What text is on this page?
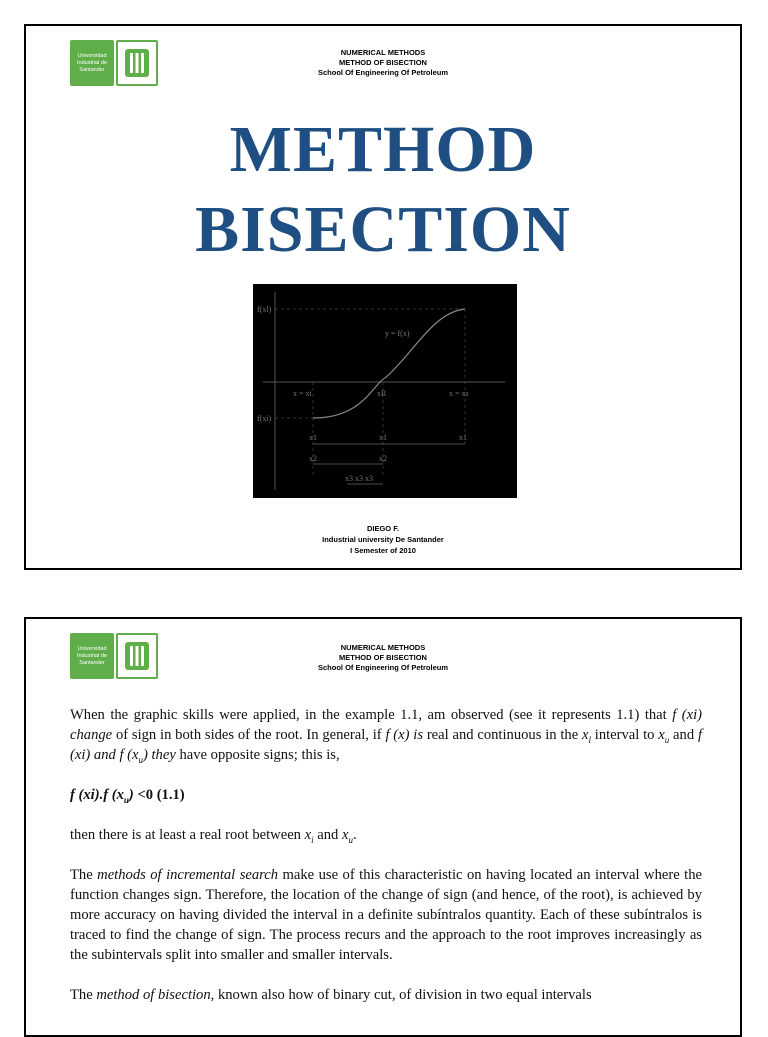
Universidad
Industrial de
Santander
NUMERICAL METHODS
METHOD OF BISECTION
School Of Engineering Of Petroleum
METHOD
BISECTION
f(xl)
f(xi)
y = f(x)
x = xi	x = xs
xR
x1	x1	x1
x2	x2
x3 x3 x3
DIEGO F.
Industrial university De Santander
I Semester of 2010
Universidad
Industrial de
Santander
NUMERICAL METHODS
METHOD OF BISECTION
School Of Engineering Of Petroleum

When the graphic skills were applied, in the example 1.1, am observed (see it represents 1.1) that f (xi) change of sign in both sides of the root. In general, if f (x) is real and continuous in the $x_l$ interval to $x_u$ and f (xi) and f $(x_u)$ they have opposite signs; this is,

f (xi).f $(x_u) <0$ (1.1)

then there is at least a real root between $x_i$ and $x_u$.

The methods of incremental search make use of this characteristic on having located an interval where the function changes sign. Therefore, the location of the change of sign (and hence, of the root), is achieved by more accuracy on having divided the interval in a definite subíntralos quantity. Each of these subíntralos is traced to find the change of sign. The process recurs and the approach to the root improves increasingly as the subintervals split into smaller and smaller intervals.

The method of bisection, known also how of binary cut, of division in two equal intervals
